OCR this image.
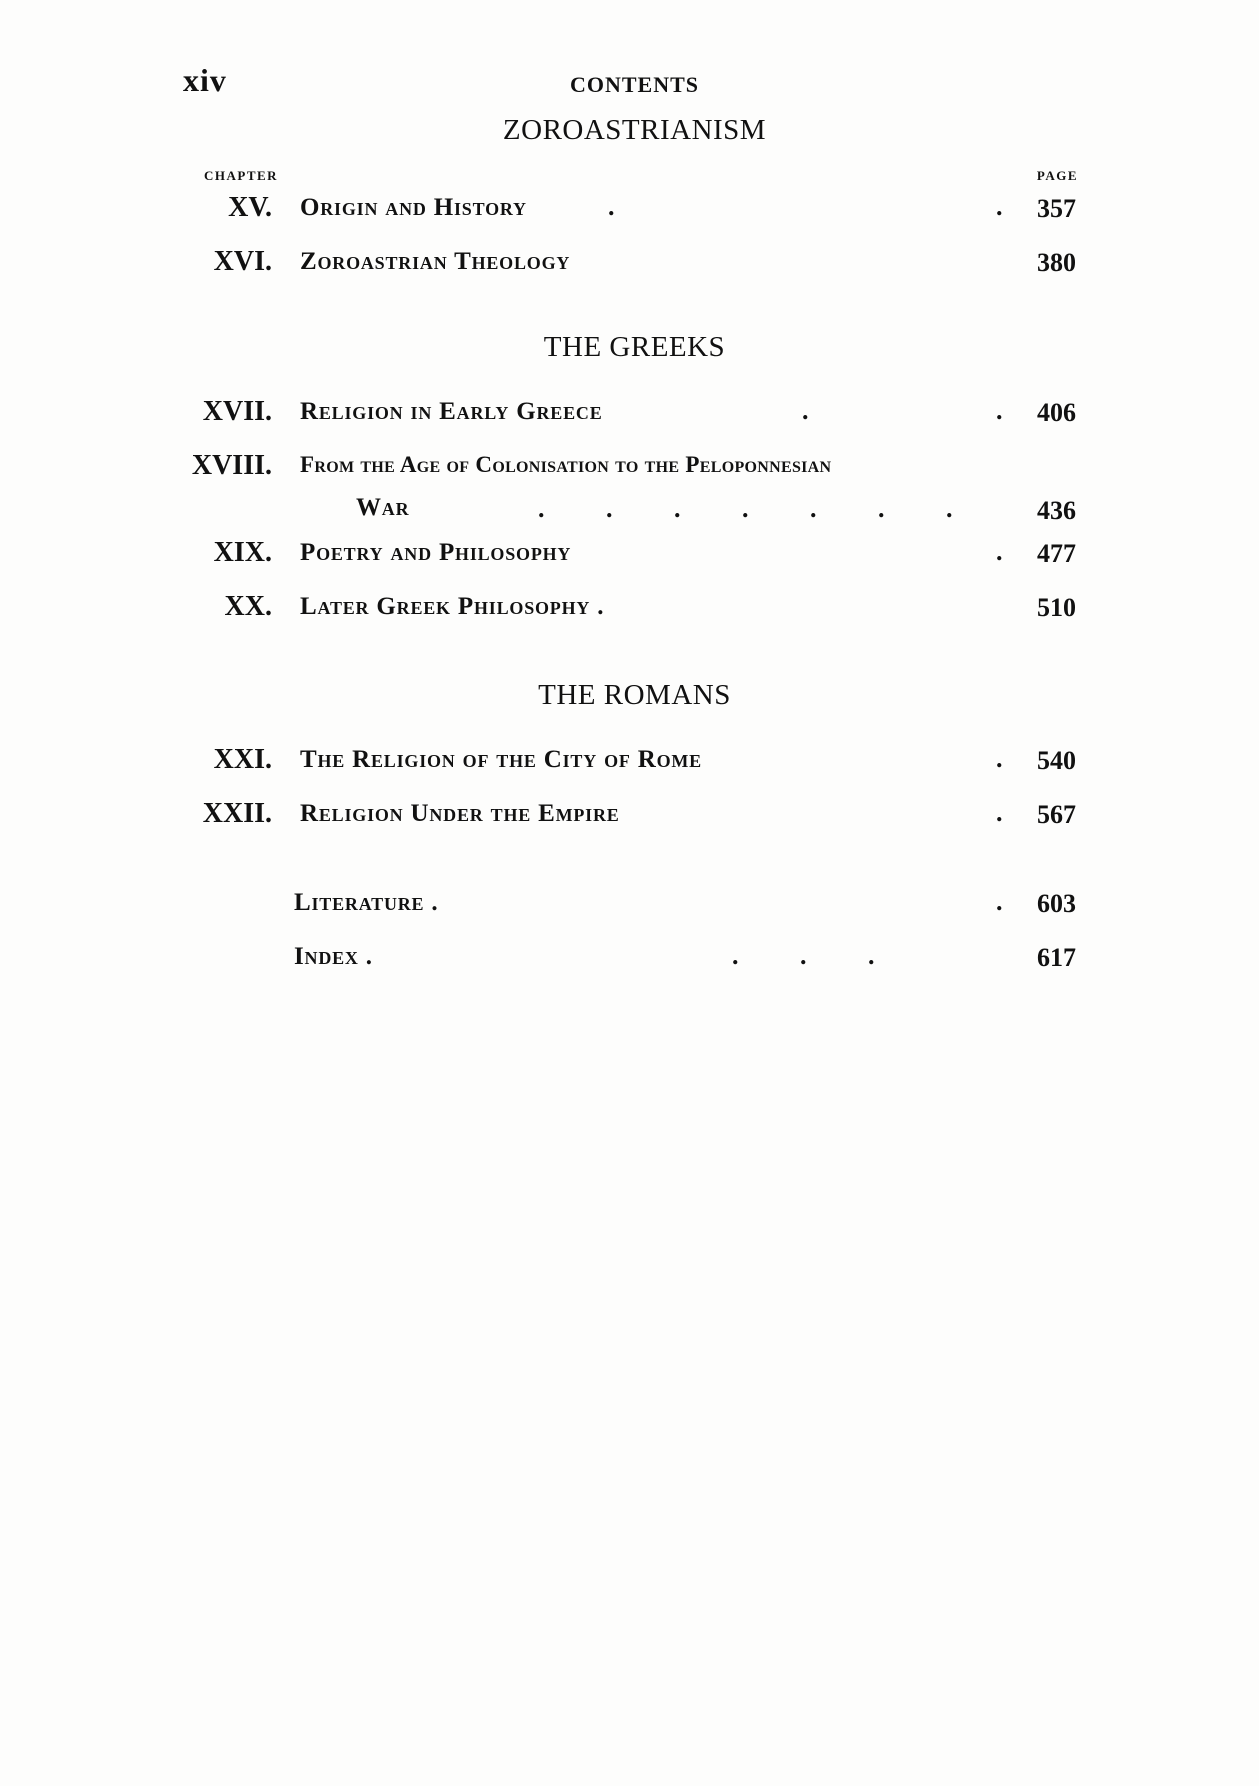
xiv	CONTENTS
ZOROASTRIANISM
CHAPTER	PAGE
XV. Origin and History	.	. 357
XVI. Zoroastrian Theology	380
THE GREEKS
XVII. Religion in Early Greece	.	. 406
XVIII. From the Age of Colonisation to the Peloponnesian
War	.       .       .       .       .       .       .	436
XIX. Poetry and Philosophy	. 477
XX. Later Greek Philosophy .	510
THE ROMANS
XXI. The Religion of the City of Rome	. 540
XXII. Religion Under the Empire	. 567
Literature .	. 603
Index .	.       .       .	617
